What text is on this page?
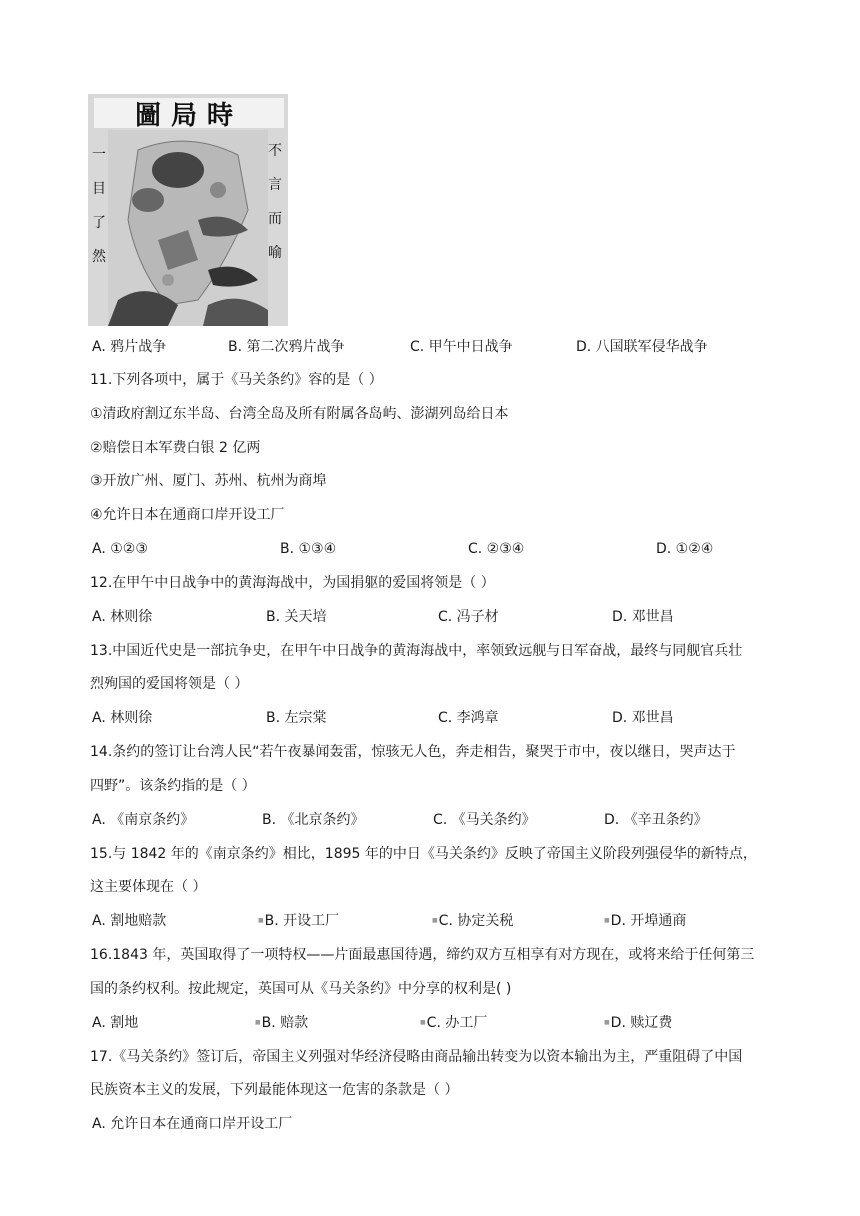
圖局時
一
目
了
然
不
言
而
喻
A. 鸦片战争	B. 第二次鸦片战争	C. 甲午中日战争	D. 八国联军侵华战争
11.下列各项中，属于《马关条约》容的是（ ）
①清政府割辽东半岛、台湾全岛及所有附属各岛屿、澎湖列岛给日本
②赔偿日本军费白银 2 亿两
③开放广州、厦门、苏州、杭州为商埠
④允许日本在通商口岸开设工厂
A. ①②③	B. ①③④	C. ②③④	D. ①②④
12.在甲午中日战争中的黄海海战中，为国捐躯的爱国将领是（ ）
A. 林则徐	B. 关天培	C. 冯子材	D. 邓世昌
13.中国近代史是一部抗争史，在甲午中日战争的黄海海战中，率领致远舰与日军奋战，最终与同舰官兵壮
烈殉国的爱国将领是（ ）
A. 林则徐	B. 左宗棠	C. 李鸿章	D. 邓世昌
14.条约的签订让台湾人民“若午夜暴闻轰雷，惊骇无人色，奔走相告，聚哭于市中，夜以继日，哭声达于
四野”。该条约指的是（ ）
A. 《南京条约》	B. 《北京条约》	C. 《马关条约》	D. 《辛丑条约》
15.与 1842 年的《南京条约》相比，1895 年的中日《马关条约》反映了帝国主义阶段列强侵华的新特点，
这主要体现在（ ）
A. 割地赔款	■B. 开设工厂	■C. 协定关税	■D. 开埠通商
16.1843 年，英国取得了一项特权——片面最惠国待遇，缔约双方互相享有对方现在，或将来给于任何第三
国的条约权利。按此规定，英国可从《马关条约》中分享的权利是( )
A. 割地	■B. 赔款	■C. 办工厂	■D. 赎辽费
17.《马关条约》签订后，帝国主义列强对华经济侵略由商品输出转变为以资本输出为主，严重阻碍了中国
民族资本主义的发展，下列最能体现这一危害的条款是（ ）
A. 允许日本在通商口岸开设工厂
